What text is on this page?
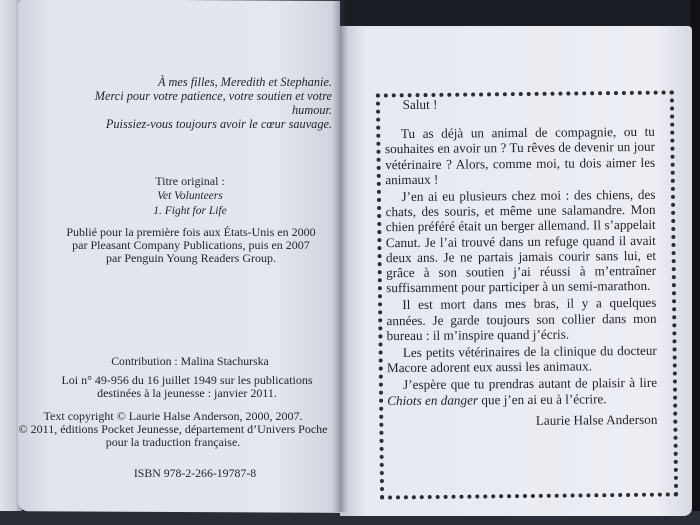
À mes filles, Meredith et Stephanie.
Merci pour votre patience, votre soutien et votre humour.
Puissiez-vous toujours avoir le cœur sauvage.
Titre original :
Vet Volunteers
1. Fight for Life
Publié pour la première fois aux États-Unis en 2000
par Pleasant Company Publications, puis en 2007
par Penguin Young Readers Group.
Contribution : Malina Stachurska
Loi n° 49-956 du 16 juillet 1949 sur les publications
destinées à la jeunesse : janvier 2011.
Text copyright © Laurie Halse Anderson, 2000, 2007.
© 2011, éditions Pocket Jeunesse, département d’Univers Poche
pour la traduction française.
ISBN 978-2-266-19787-8

Salut !

Tu as déjà un animal de compagnie, ou tu souhaites en avoir un ? Tu rêves de devenir un jour vétérinaire ? Alors, comme moi, tu dois aimer les animaux !

J’en ai eu plusieurs chez moi : des chiens, des chats, des souris, et même une salamandre. Mon chien préféré était un berger allemand. Il s’appelait Canut. Je l’ai trouvé dans un refuge quand il avait deux ans. Je ne partais jamais courir sans lui, et grâce à son soutien j’ai réussi à m’entraîner suffisamment pour participer à un semi-marathon.

Il est mort dans mes bras, il y a quelques années. Je garde toujours son collier dans mon bureau : il m’inspire quand j’écris.

Les petits vétérinaires de la clinique du docteur Macore adorent eux aussi les animaux.

J’espère que tu prendras autant de plaisir à lire Chiots en danger que j’en ai eu à l’écrire.

Laurie Halse Anderson
